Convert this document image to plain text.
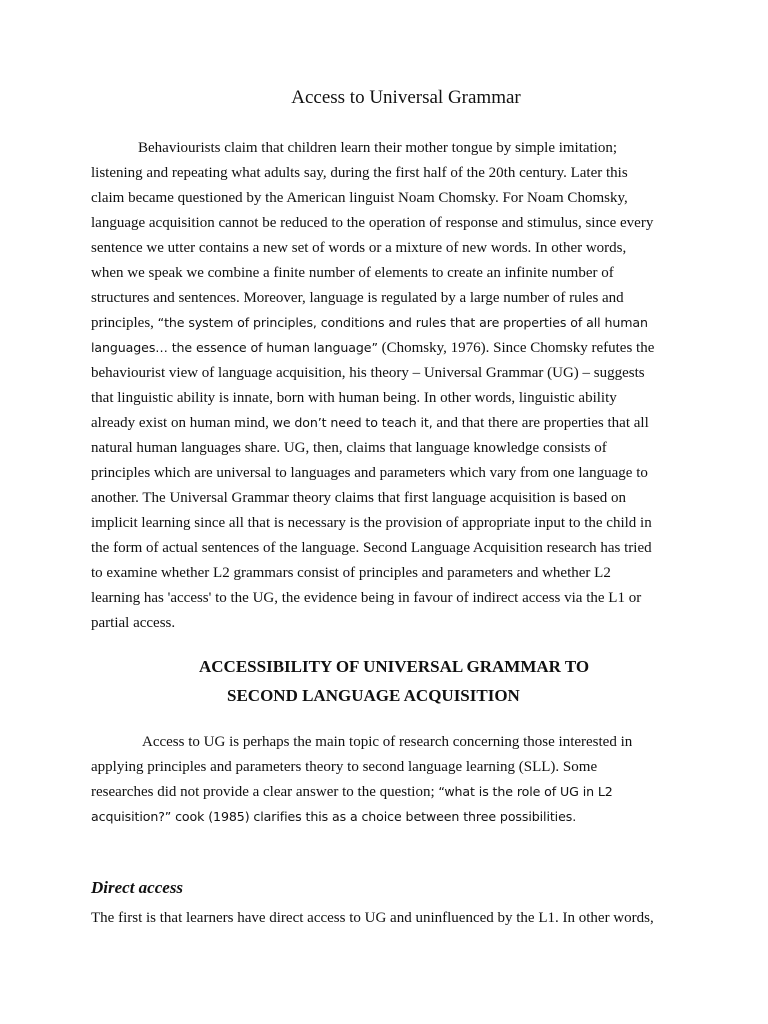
Access to Universal Grammar

Behaviourists claim that children learn their mother tongue by simple imitation;

listening and repeating what adults say, during the first half of the 20th century. Later this

claim became questioned by the American linguist Noam Chomsky. For Noam Chomsky,

language acquisition cannot be reduced to the operation of response and stimulus, since every

sentence we utter contains a new set of words or a mixture of new words. In other words,

when we speak we combine a finite number of elements to create an infinite number of

structures and sentences. Moreover, language is regulated by a large number of rules and

principles, “the system of principles, conditions and rules that are properties of all human

languages… the essence of human language” (Chomsky, 1976). Since Chomsky refutes the

behaviourist view of language acquisition, his theory – Universal Grammar (UG) – suggests

that linguistic ability is innate, born with human being. In other words, linguistic ability

already exist on human mind, we don’t need to teach it, and that there are properties that all

natural human languages share. UG, then, claims that language knowledge consists of

principles which are universal to languages and parameters which vary from one language to

another. The Universal Grammar theory claims that first language acquisition is based on

implicit learning since all that is necessary is the provision of appropriate input to the child in

the form of actual sentences of the language. Second Language Acquisition research has tried

to examine whether L2 grammars consist of principles and parameters and whether L2

learning has 'access' to the UG, the evidence being in favour of indirect access via the L1 or

partial access.

ACCESSIBILITY OF UNIVERSAL GRAMMAR TO
SECOND LANGUAGE ACQUISITION

Access to UG is perhaps the main topic of research concerning those interested in

applying principles and parameters theory to second language learning (SLL). Some

researches did not provide a clear answer to the question; “what is the role of UG in L2

acquisition?” cook (1985) clarifies this as a choice between three possibilities.

Direct access

The first is that learners have direct access to UG and uninfluenced by the L1. In other words,
